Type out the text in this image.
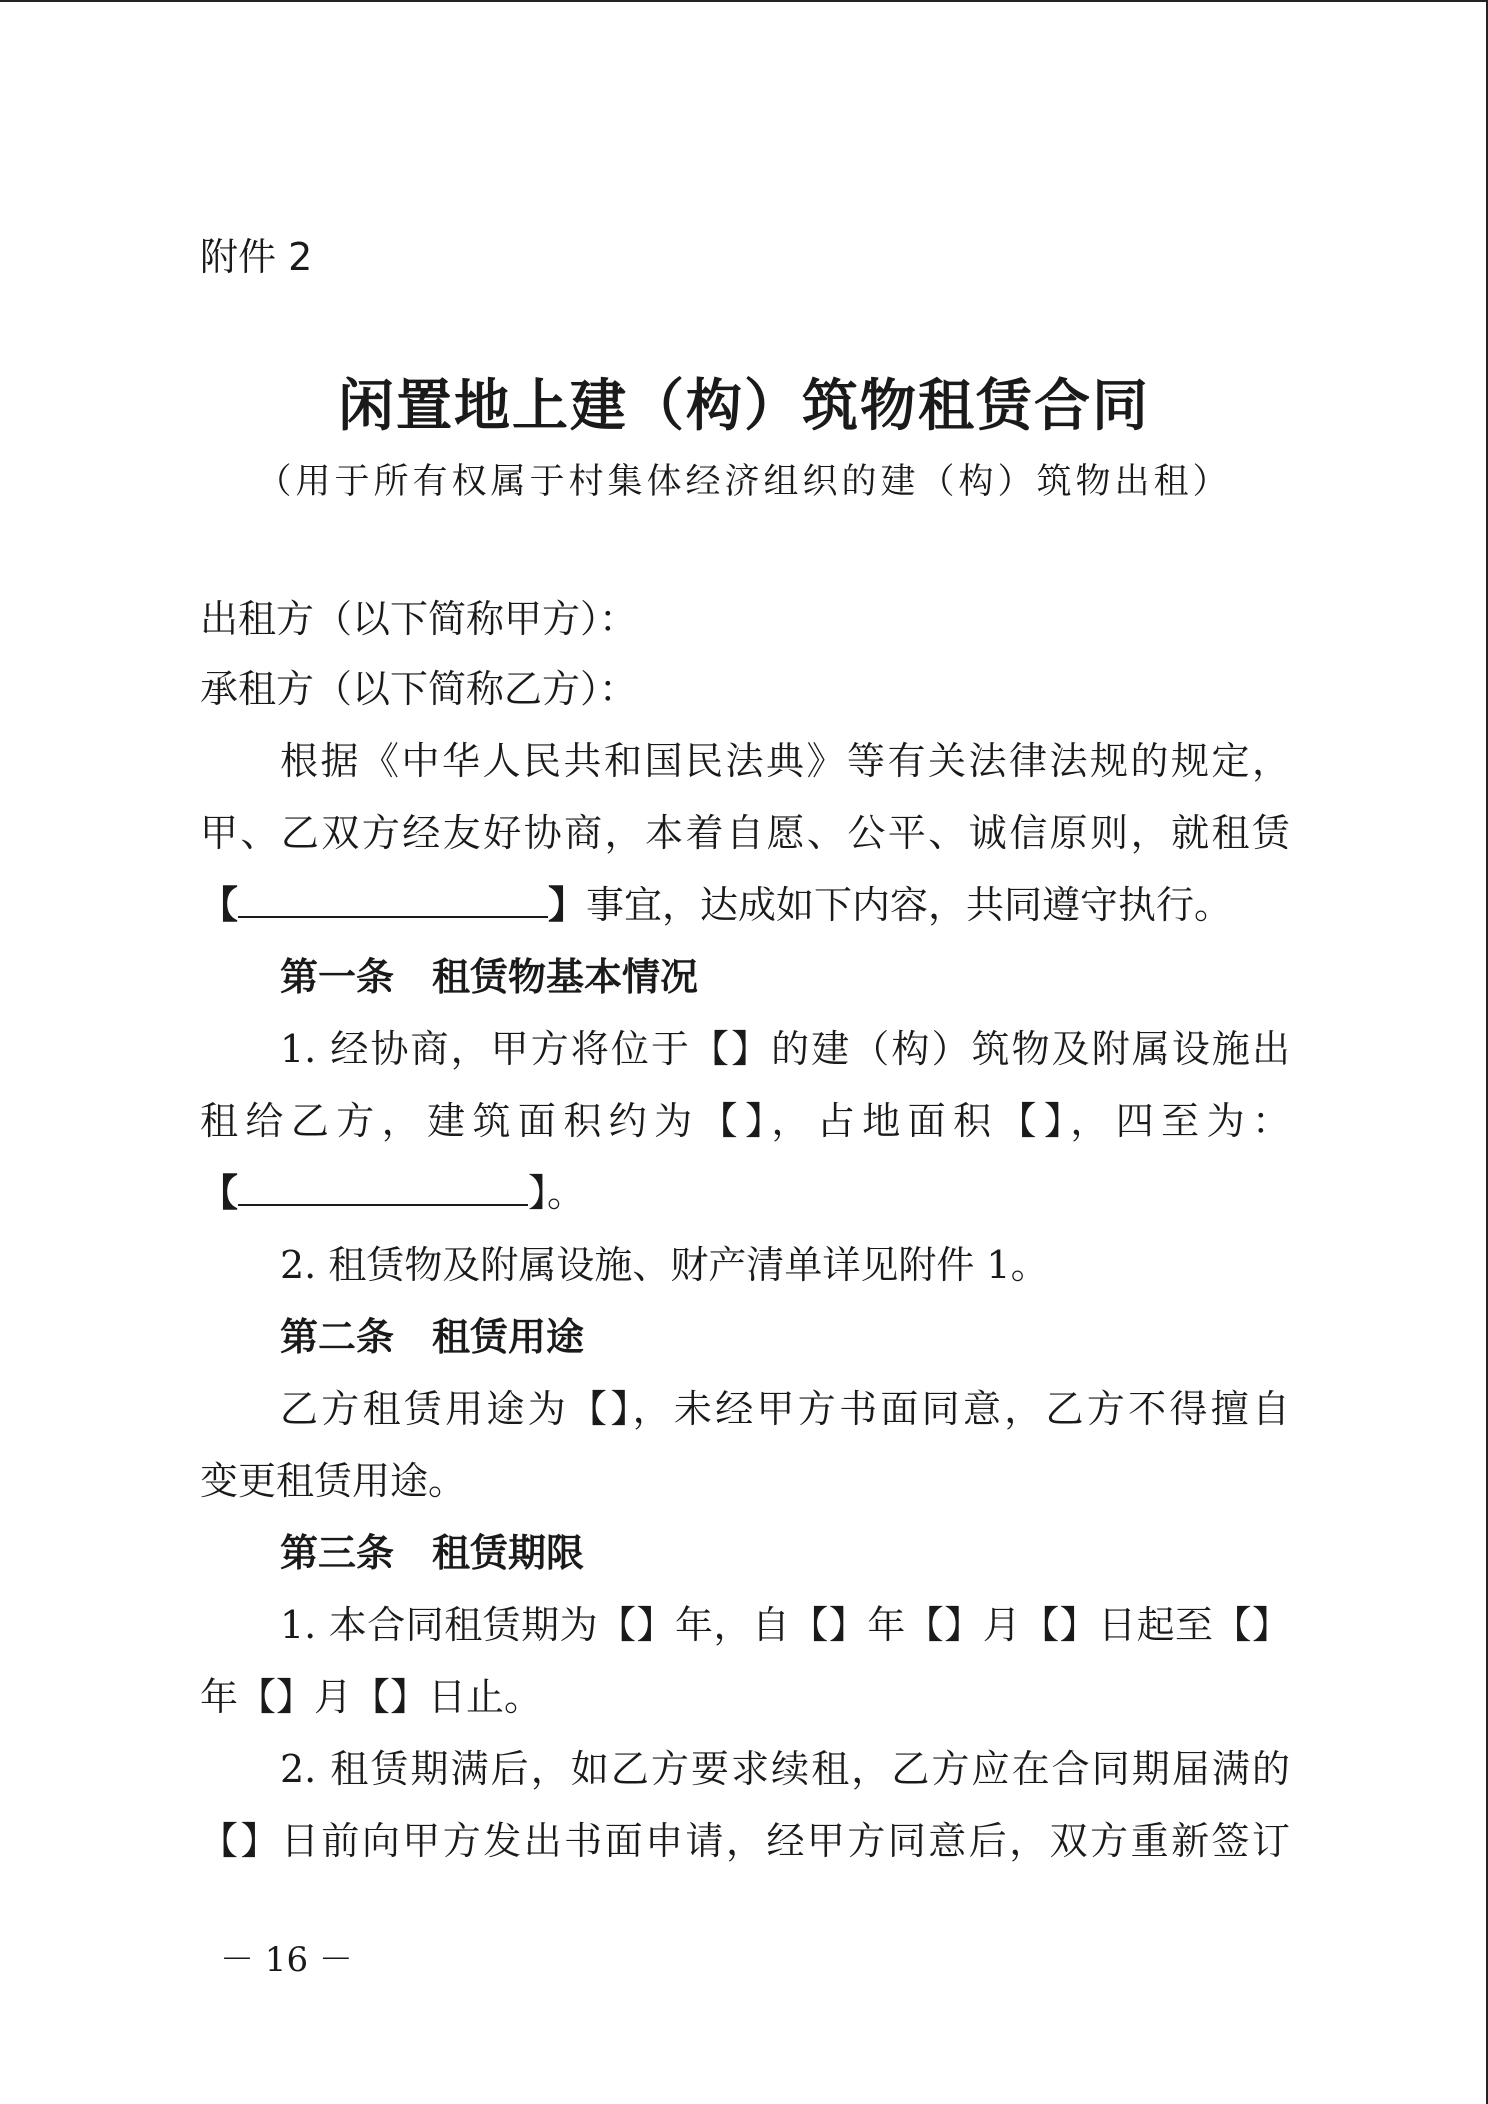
附件 2
闲置地上建（构）筑物租赁合同
（用于所有权属于村集体经济组织的建（构）筑物出租）
出租方（以下简称甲方）：
承租方（以下简称乙方）：
根据《中华人民共和国民法典》等有关法律法规的规定，
甲、乙双方经友好协商，本着自愿、公平、诚信原则，就租赁
【	】事宜，达成如下内容，共同遵守执行。
第一条　租赁物基本情况
1. 经协商，甲方将位于【】的建（构）筑物及附属设施出
租给乙方，建筑面积约为【】，占地面积【】，四至为：
【	】。
2. 租赁物及附属设施、财产清单详见附件 1。
第二条　租赁用途
乙方租赁用途为【】，未经甲方书面同意，乙方不得擅自
变更租赁用途。
第三条　租赁期限
1. 本合同租赁期为【】年，自【】年【】月【】日起至【】
年【】月【】日止。
2. 租赁期满后，如乙方要求续租，乙方应在合同期届满的
【】日前向甲方发出书面申请，经甲方同意后，双方重新签订
－ 16 －
